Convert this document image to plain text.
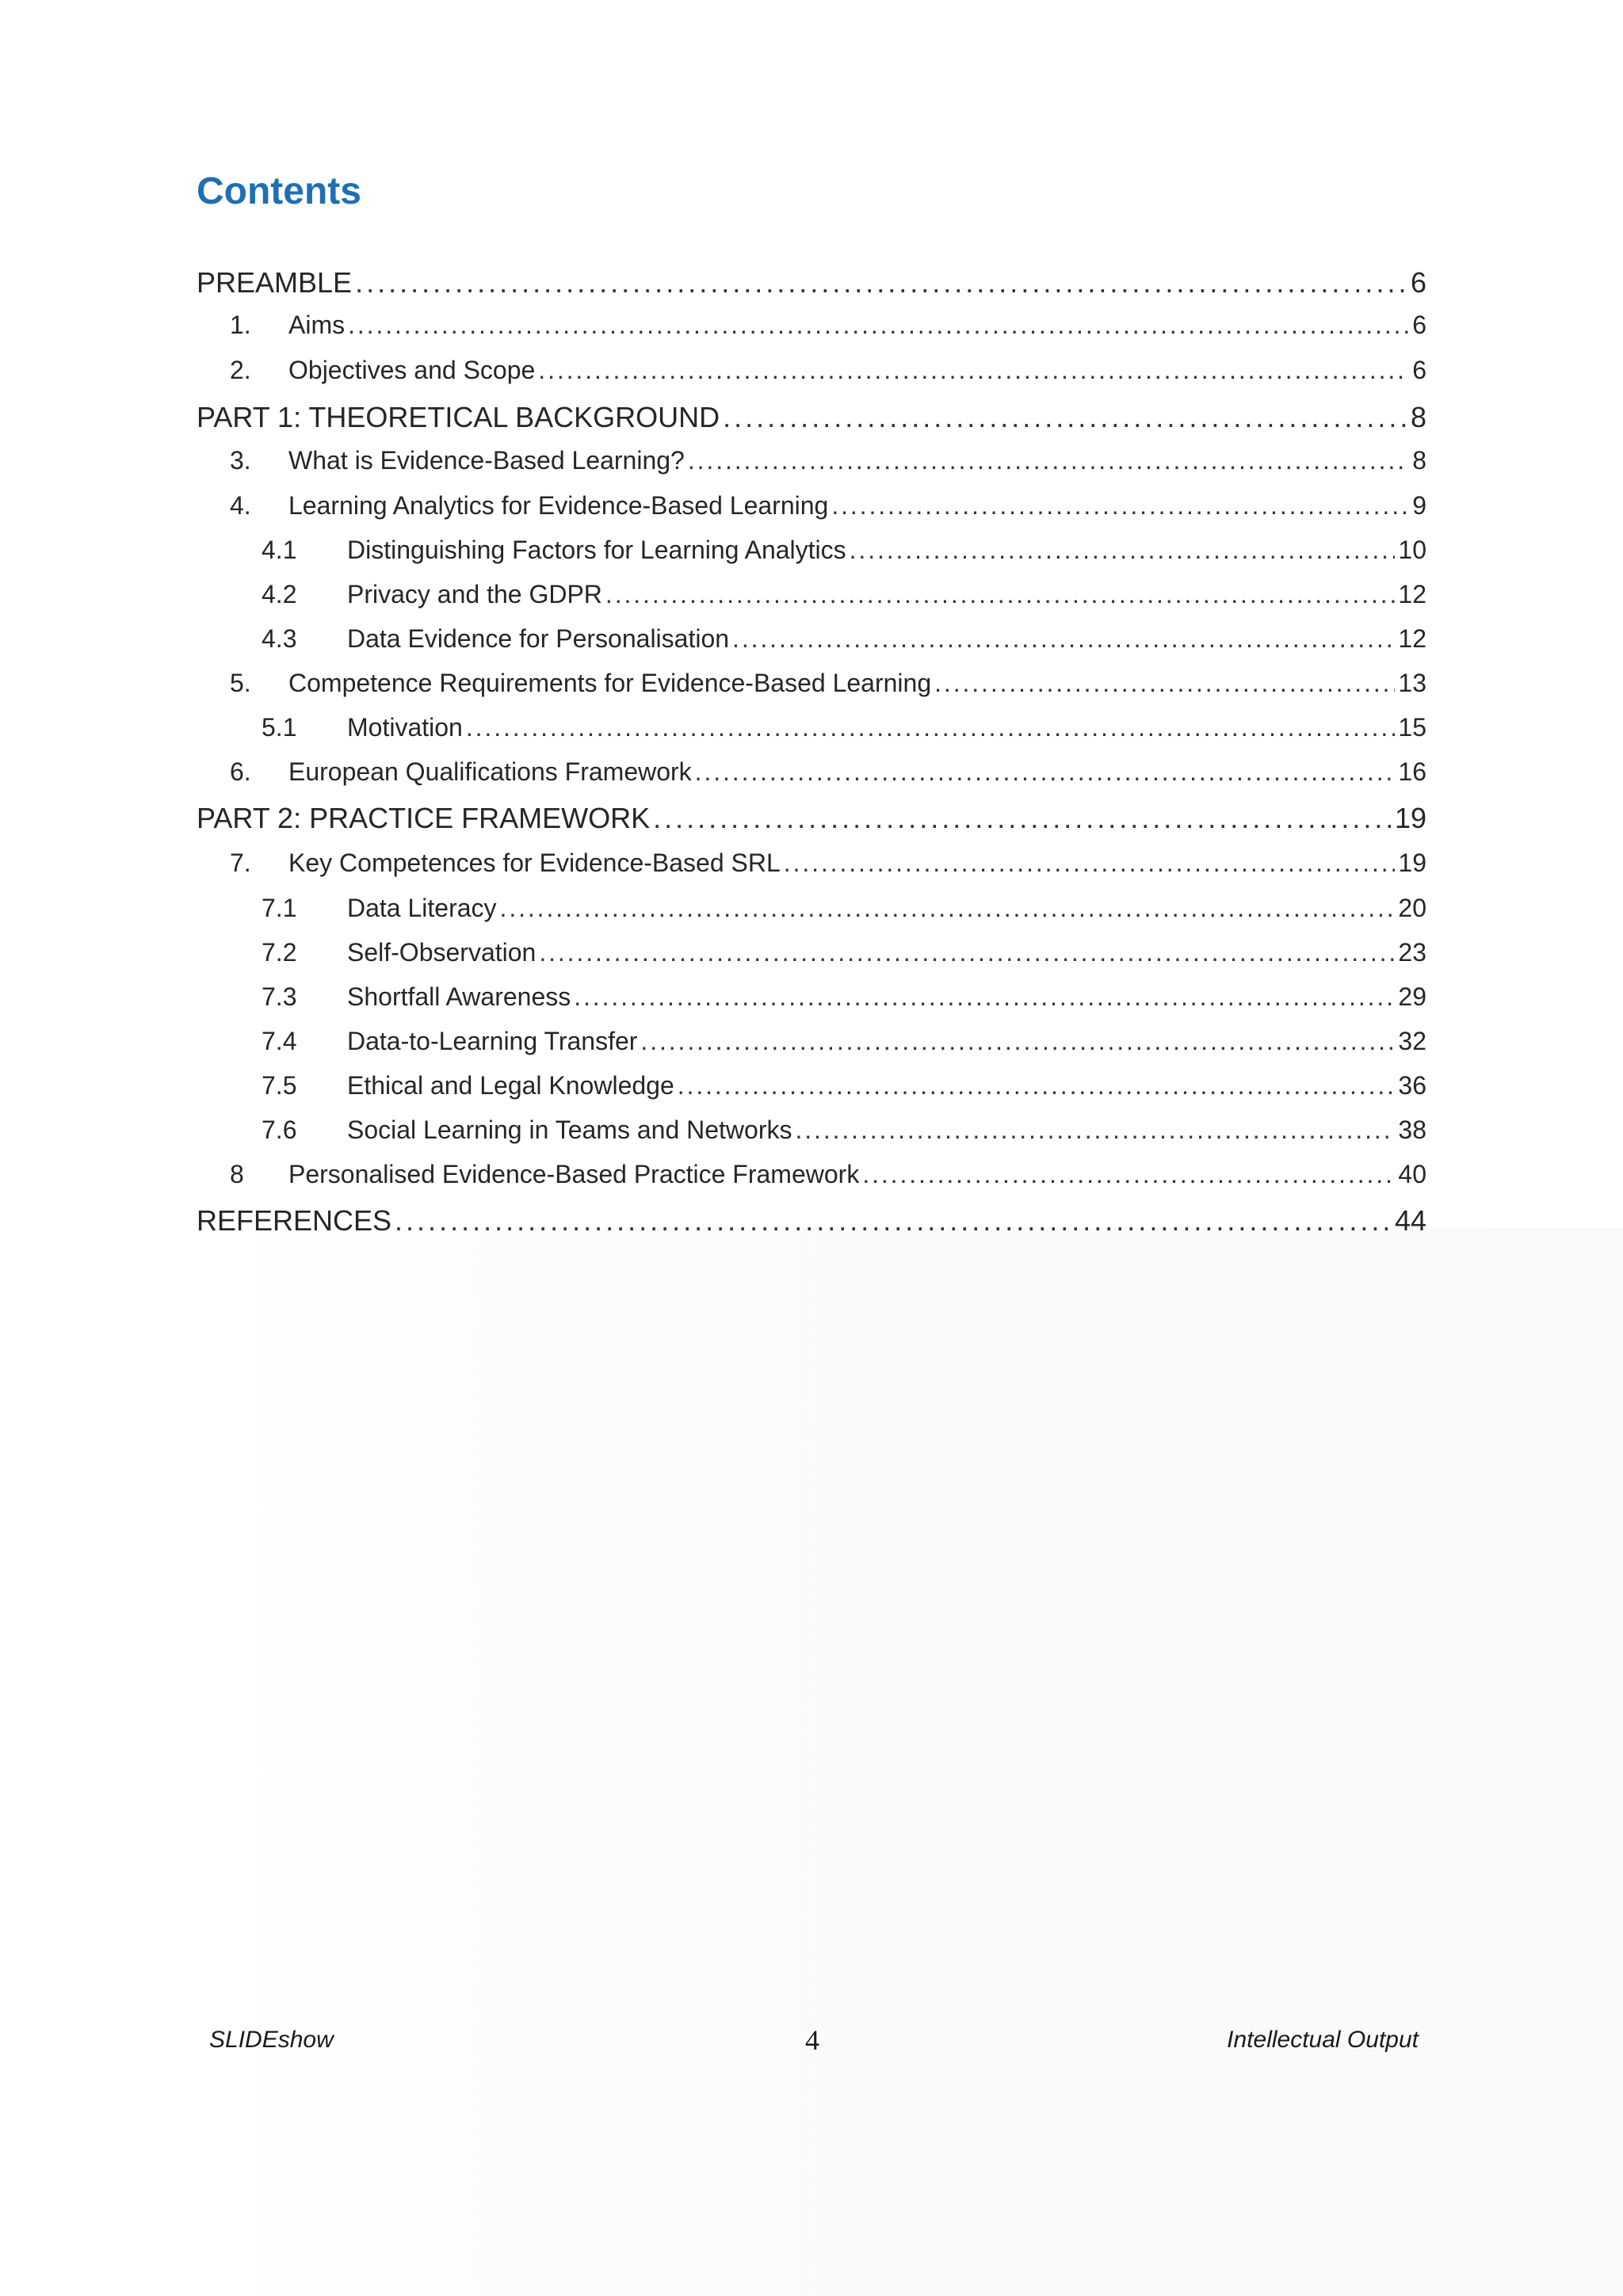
Contents
PREAMBLE . . .	6
1.	Aims . . .	6
2.	Objectives and Scope . . .	6
PART 1: THEORETICAL BACKGROUND . . .	8
3.	What is Evidence-Based Learning? . . .	8
4.	Learning Analytics for Evidence-Based Learning . . .	9
4.1	Distinguishing Factors for Learning Analytics . . .	10
4.2	Privacy and the GDPR . . .	12
4.3	Data Evidence for Personalisation . . .	12
5.	Competence Requirements for Evidence-Based Learning . . .	13
5.1	Motivation . . .	15
6.	European Qualifications Framework . . .	16
PART 2: PRACTICE FRAMEWORK . . .	19
7.	Key Competences for Evidence-Based SRL . . .	19
7.1	Data Literacy . . .	20
7.2	Self-Observation . . .	23
7.3	Shortfall Awareness . . .	29
7.4	Data-to-Learning Transfer . . .	32
7.5	Ethical and Legal Knowledge . . .	36
7.6	Social Learning in Teams and Networks . . .	38
8	Personalised Evidence-Based Practice Framework . . .	40
REFERENCES . . .	44
SLIDEshow	4	Intellectual Output
